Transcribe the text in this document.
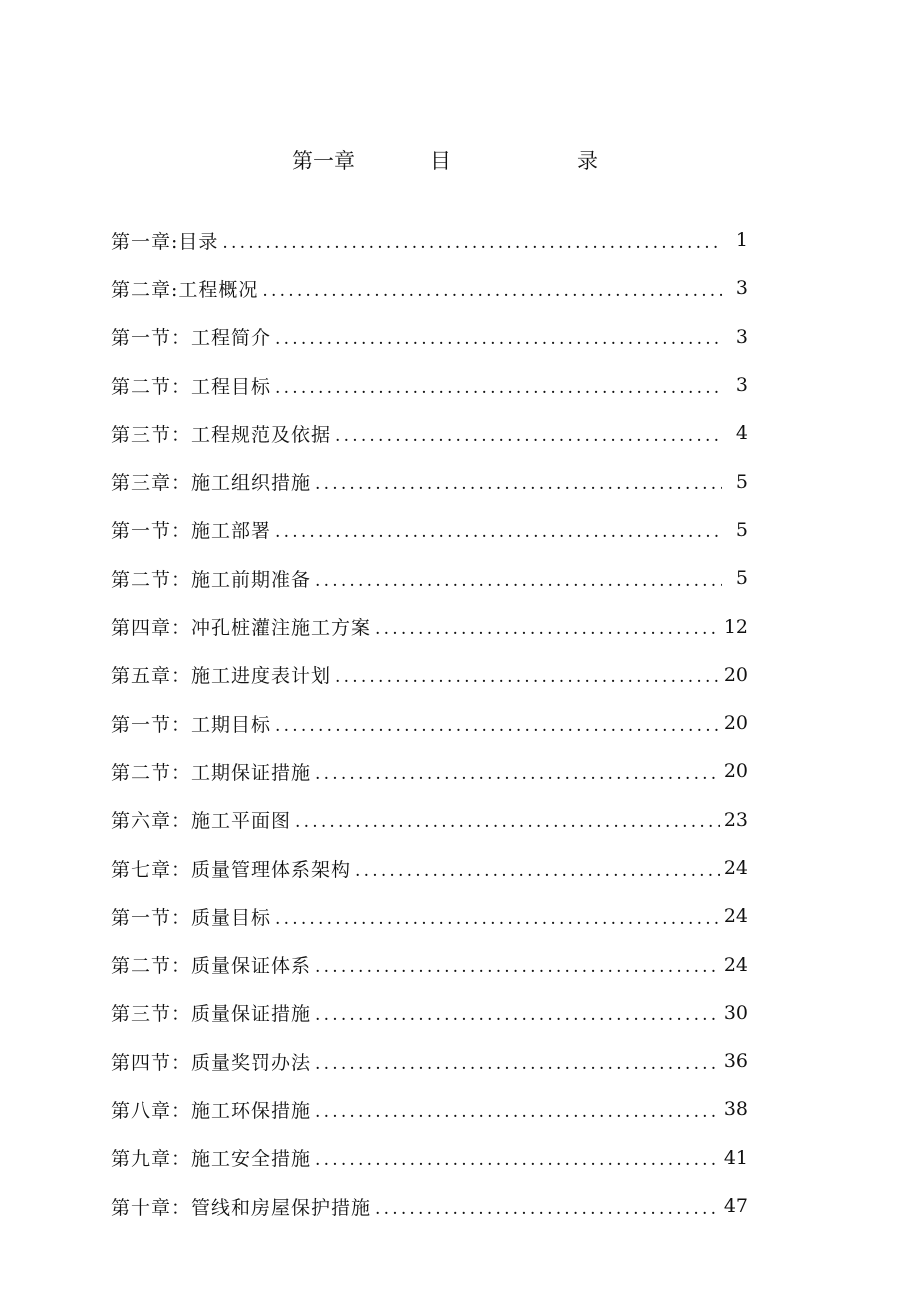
第一章	目	录
第一章:目录 .....	1
第二章:工程概况 .....	3
第一节：工程简介 .....	3
第二节：工程目标 .....	3
第三节：工程规范及依据 .....	4
第三章：施工组织措施 .....	5
第一节：施工部署 .....	5
第二节：施工前期准备 .....	5
第四章：冲孔桩灌注施工方案 .....	12
第五章：施工进度表计划 .....	20
第一节：工期目标 .....	20
第二节：工期保证措施 .....	20
第六章：施工平面图 .....	23
第七章：质量管理体系架构 .....	24
第一节：质量目标 .....	24
第二节：质量保证体系 .....	24
第三节：质量保证措施 .....	30
第四节：质量奖罚办法 .....	36
第八章：施工环保措施 .....	38
第九章：施工安全措施 .....	41
第十章：管线和房屋保护措施 .....	47
